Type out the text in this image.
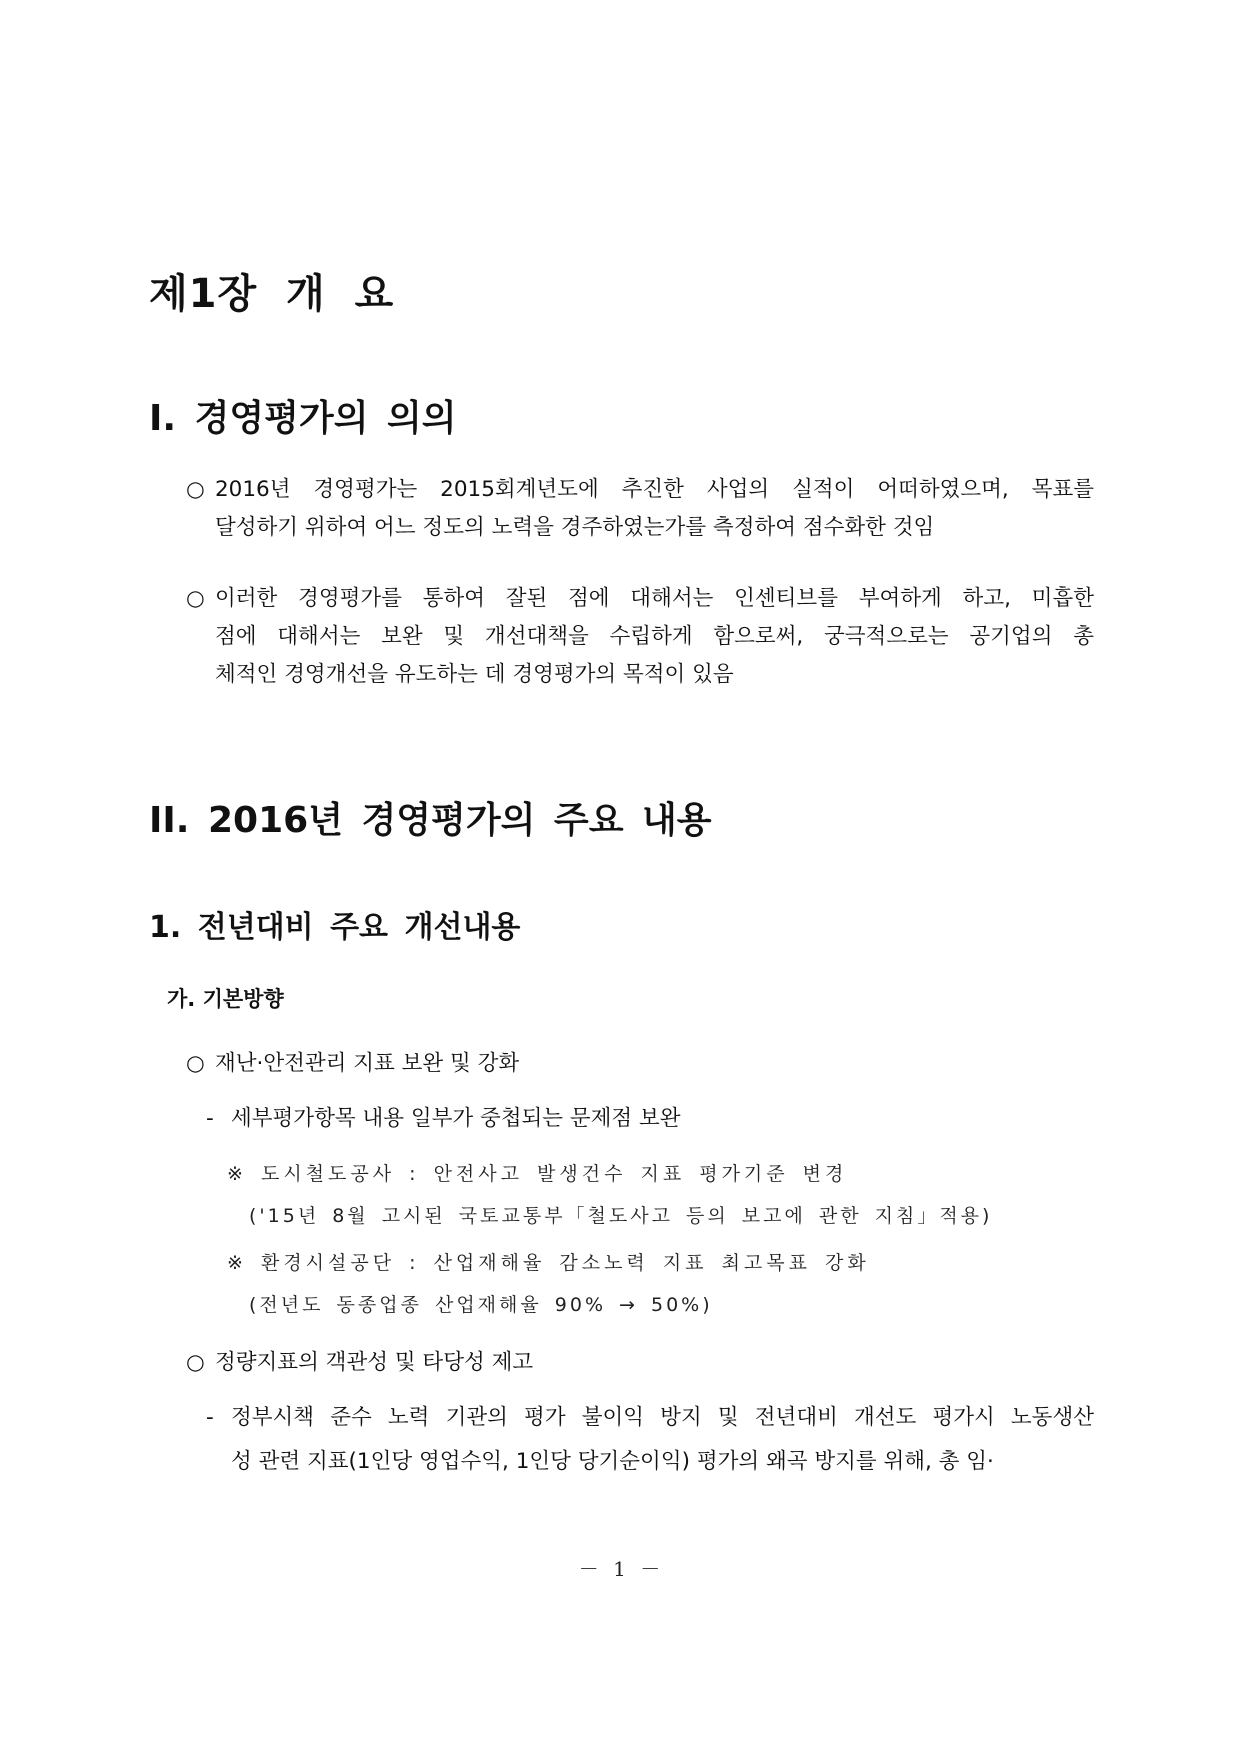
제1장 개 요
I. 경영평가의 의의
○ 2016년 경영평가는 2015회계년도에 추진한 사업의 실적이 어떠하였으며, 목표를
달성하기 위하여 어느 정도의 노력을 경주하였는가를 측정하여 점수화한 것임
○ 이러한 경영평가를 통하여 잘된 점에 대해서는 인센티브를 부여하게 하고, 미흡한
점에 대해서는 보완 및 개선대책을 수립하게 함으로써, 궁극적으로는 공기업의 총
체적인 경영개선을 유도하는 데 경영평가의 목적이 있음
II. 2016년 경영평가의 주요 내용
1. 전년대비 주요 개선내용
가. 기본방향
○ 재난·안전관리 지표 보완 및 강화
- 세부평가항목 내용 일부가 중첩되는 문제점 보완
※ 도시철도공사 : 안전사고 발생건수 지표 평가기준 변경
('15년 8월 고시된 국토교통부「철도사고 등의 보고에 관한 지침」적용)
※ 환경시설공단 : 산업재해율 감소노력 지표 최고목표 강화
(전년도 동종업종 산업재해율 90% → 50%)
○ 정량지표의 객관성 및 타당성 제고
- 정부시책 준수 노력 기관의 평가 불이익 방지 및 전년대비 개선도 평가시 노동생산
성 관련 지표(1인당 영업수익, 1인당 당기순이익) 평가의 왜곡 방지를 위해, 총 임·
－ 1 －
